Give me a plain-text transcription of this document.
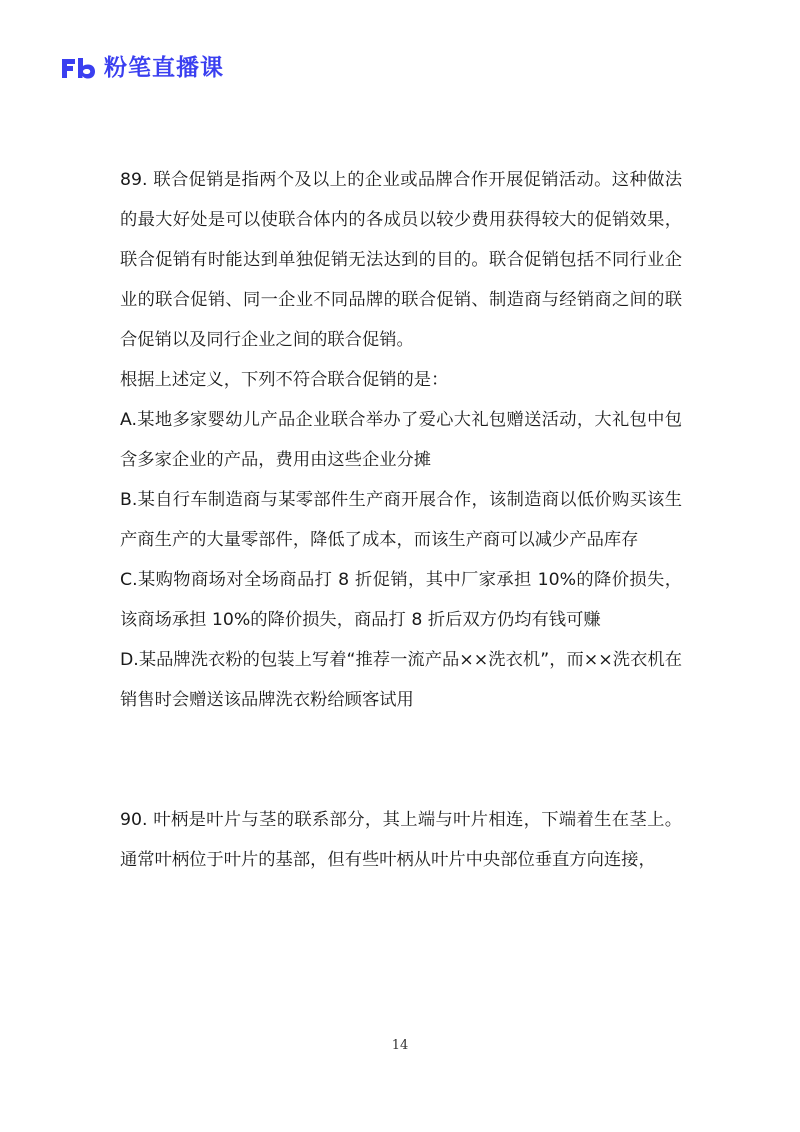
粉笔直播课

89. 联合促销是指两个及以上的企业或品牌合作开展促销活动。这种做法的最大好处是可以使联合体内的各成员以较少费用获得较大的促销效果，联合促销有时能达到单独促销无法达到的目的。联合促销包括不同行业企业的联合促销、同一企业不同品牌的联合促销、制造商与经销商之间的联合促销以及同行企业之间的联合促销。

根据上述定义，下列不符合联合促销的是：

A.某地多家婴幼儿产品企业联合举办了爱心大礼包赠送活动，大礼包中包含多家企业的产品，费用由这些企业分摊

B.某自行车制造商与某零部件生产商开展合作，该制造商以低价购买该生产商生产的大量零部件，降低了成本，而该生产商可以减少产品库存

C.某购物商场对全场商品打 8 折促销，其中厂家承担 10%的降价损失，该商场承担 10%的降价损失，商品打 8 折后双方仍均有钱可赚

D.某品牌洗衣粉的包装上写着“推荐一流产品××洗衣机”，而××洗衣机在销售时会赠送该品牌洗衣粉给顾客试用

90. 叶柄是叶片与茎的联系部分，其上端与叶片相连，下端着生在茎上。通常叶柄位于叶片的基部，但有些叶柄从叶片中央部位垂直方向连接，

14
